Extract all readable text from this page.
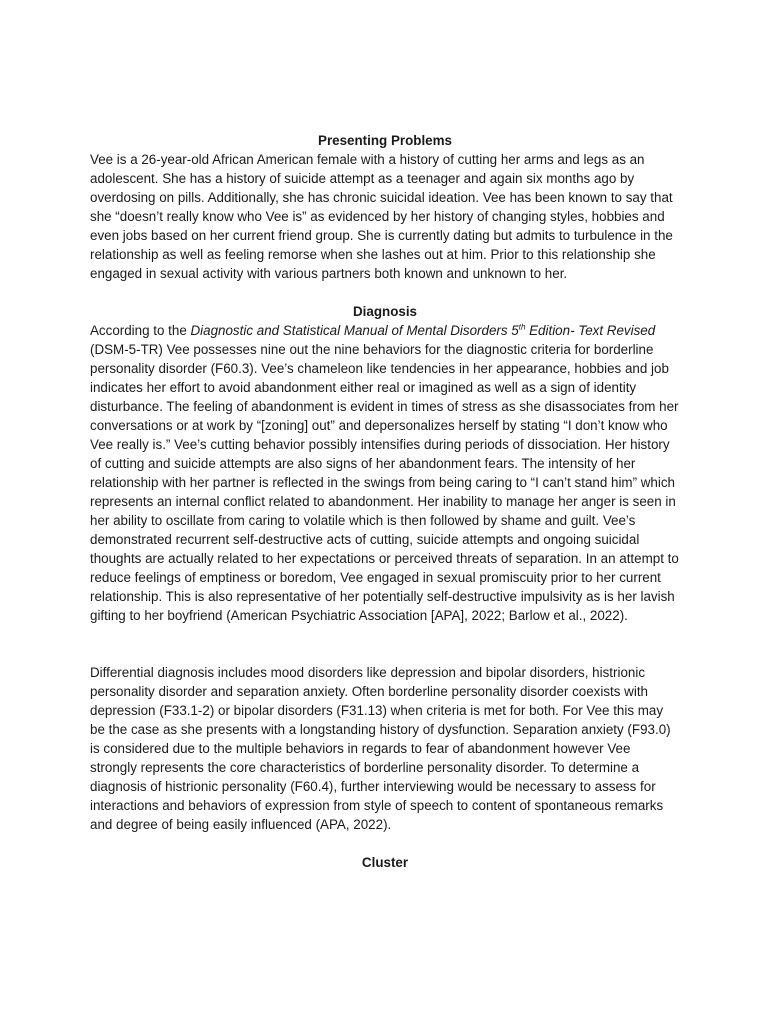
Presenting Problems

Vee is a 26-year-old African American female with a history of cutting her arms and legs as an adolescent. She has a history of suicide attempt as a teenager and again six months ago by overdosing on pills. Additionally, she has chronic suicidal ideation. Vee has been known to say that she “doesn’t really know who Vee is” as evidenced by her history of changing styles, hobbies and even jobs based on her current friend group. She is currently dating but admits to turbulence in the relationship as well as feeling remorse when she lashes out at him. Prior to this relationship she engaged in sexual activity with various partners both known and unknown to her.

Diagnosis

According to the Diagnostic and Statistical Manual of Mental Disorders 5th Edition- Text Revised (DSM-5-TR) Vee possesses nine out the nine behaviors for the diagnostic criteria for borderline personality disorder (F60.3). Vee’s chameleon like tendencies in her appearance, hobbies and job indicates her effort to avoid abandonment either real or imagined as well as a sign of identity disturbance. The feeling of abandonment is evident in times of stress as she disassociates from her conversations or at work by “[zoning] out” and depersonalizes herself by stating “I don’t know who Vee really is.” Vee’s cutting behavior possibly intensifies during periods of dissociation. Her history of cutting and suicide attempts are also signs of her abandonment fears. The intensity of her relationship with her partner is reflected in the swings from being caring to “I can’t stand him” which represents an internal conflict related to abandonment. Her inability to manage her anger is seen in her ability to oscillate from caring to volatile which is then followed by shame and guilt. Vee’s demonstrated recurrent self-destructive acts of cutting, suicide attempts and ongoing suicidal thoughts are actually related to her expectations or perceived threats of separation. In an attempt to reduce feelings of emptiness or boredom, Vee engaged in sexual promiscuity prior to her current relationship. This is also representative of her potentially self-destructive impulsivity as is her lavish gifting to her boyfriend (American Psychiatric Association [APA], 2022; Barlow et al., 2022).

Differential diagnosis includes mood disorders like depression and bipolar disorders, histrionic personality disorder and separation anxiety. Often borderline personality disorder coexists with depression (F33.1-2) or bipolar disorders (F31.13) when criteria is met for both. For Vee this may be the case as she presents with a longstanding history of dysfunction. Separation anxiety (F93.0) is considered due to the multiple behaviors in regards to fear of abandonment however Vee strongly represents the core characteristics of borderline personality disorder. To determine a diagnosis of histrionic personality (F60.4), further interviewing would be necessary to assess for interactions and behaviors of expression from style of speech to content of spontaneous remarks and degree of being easily influenced (APA, 2022).

Cluster
